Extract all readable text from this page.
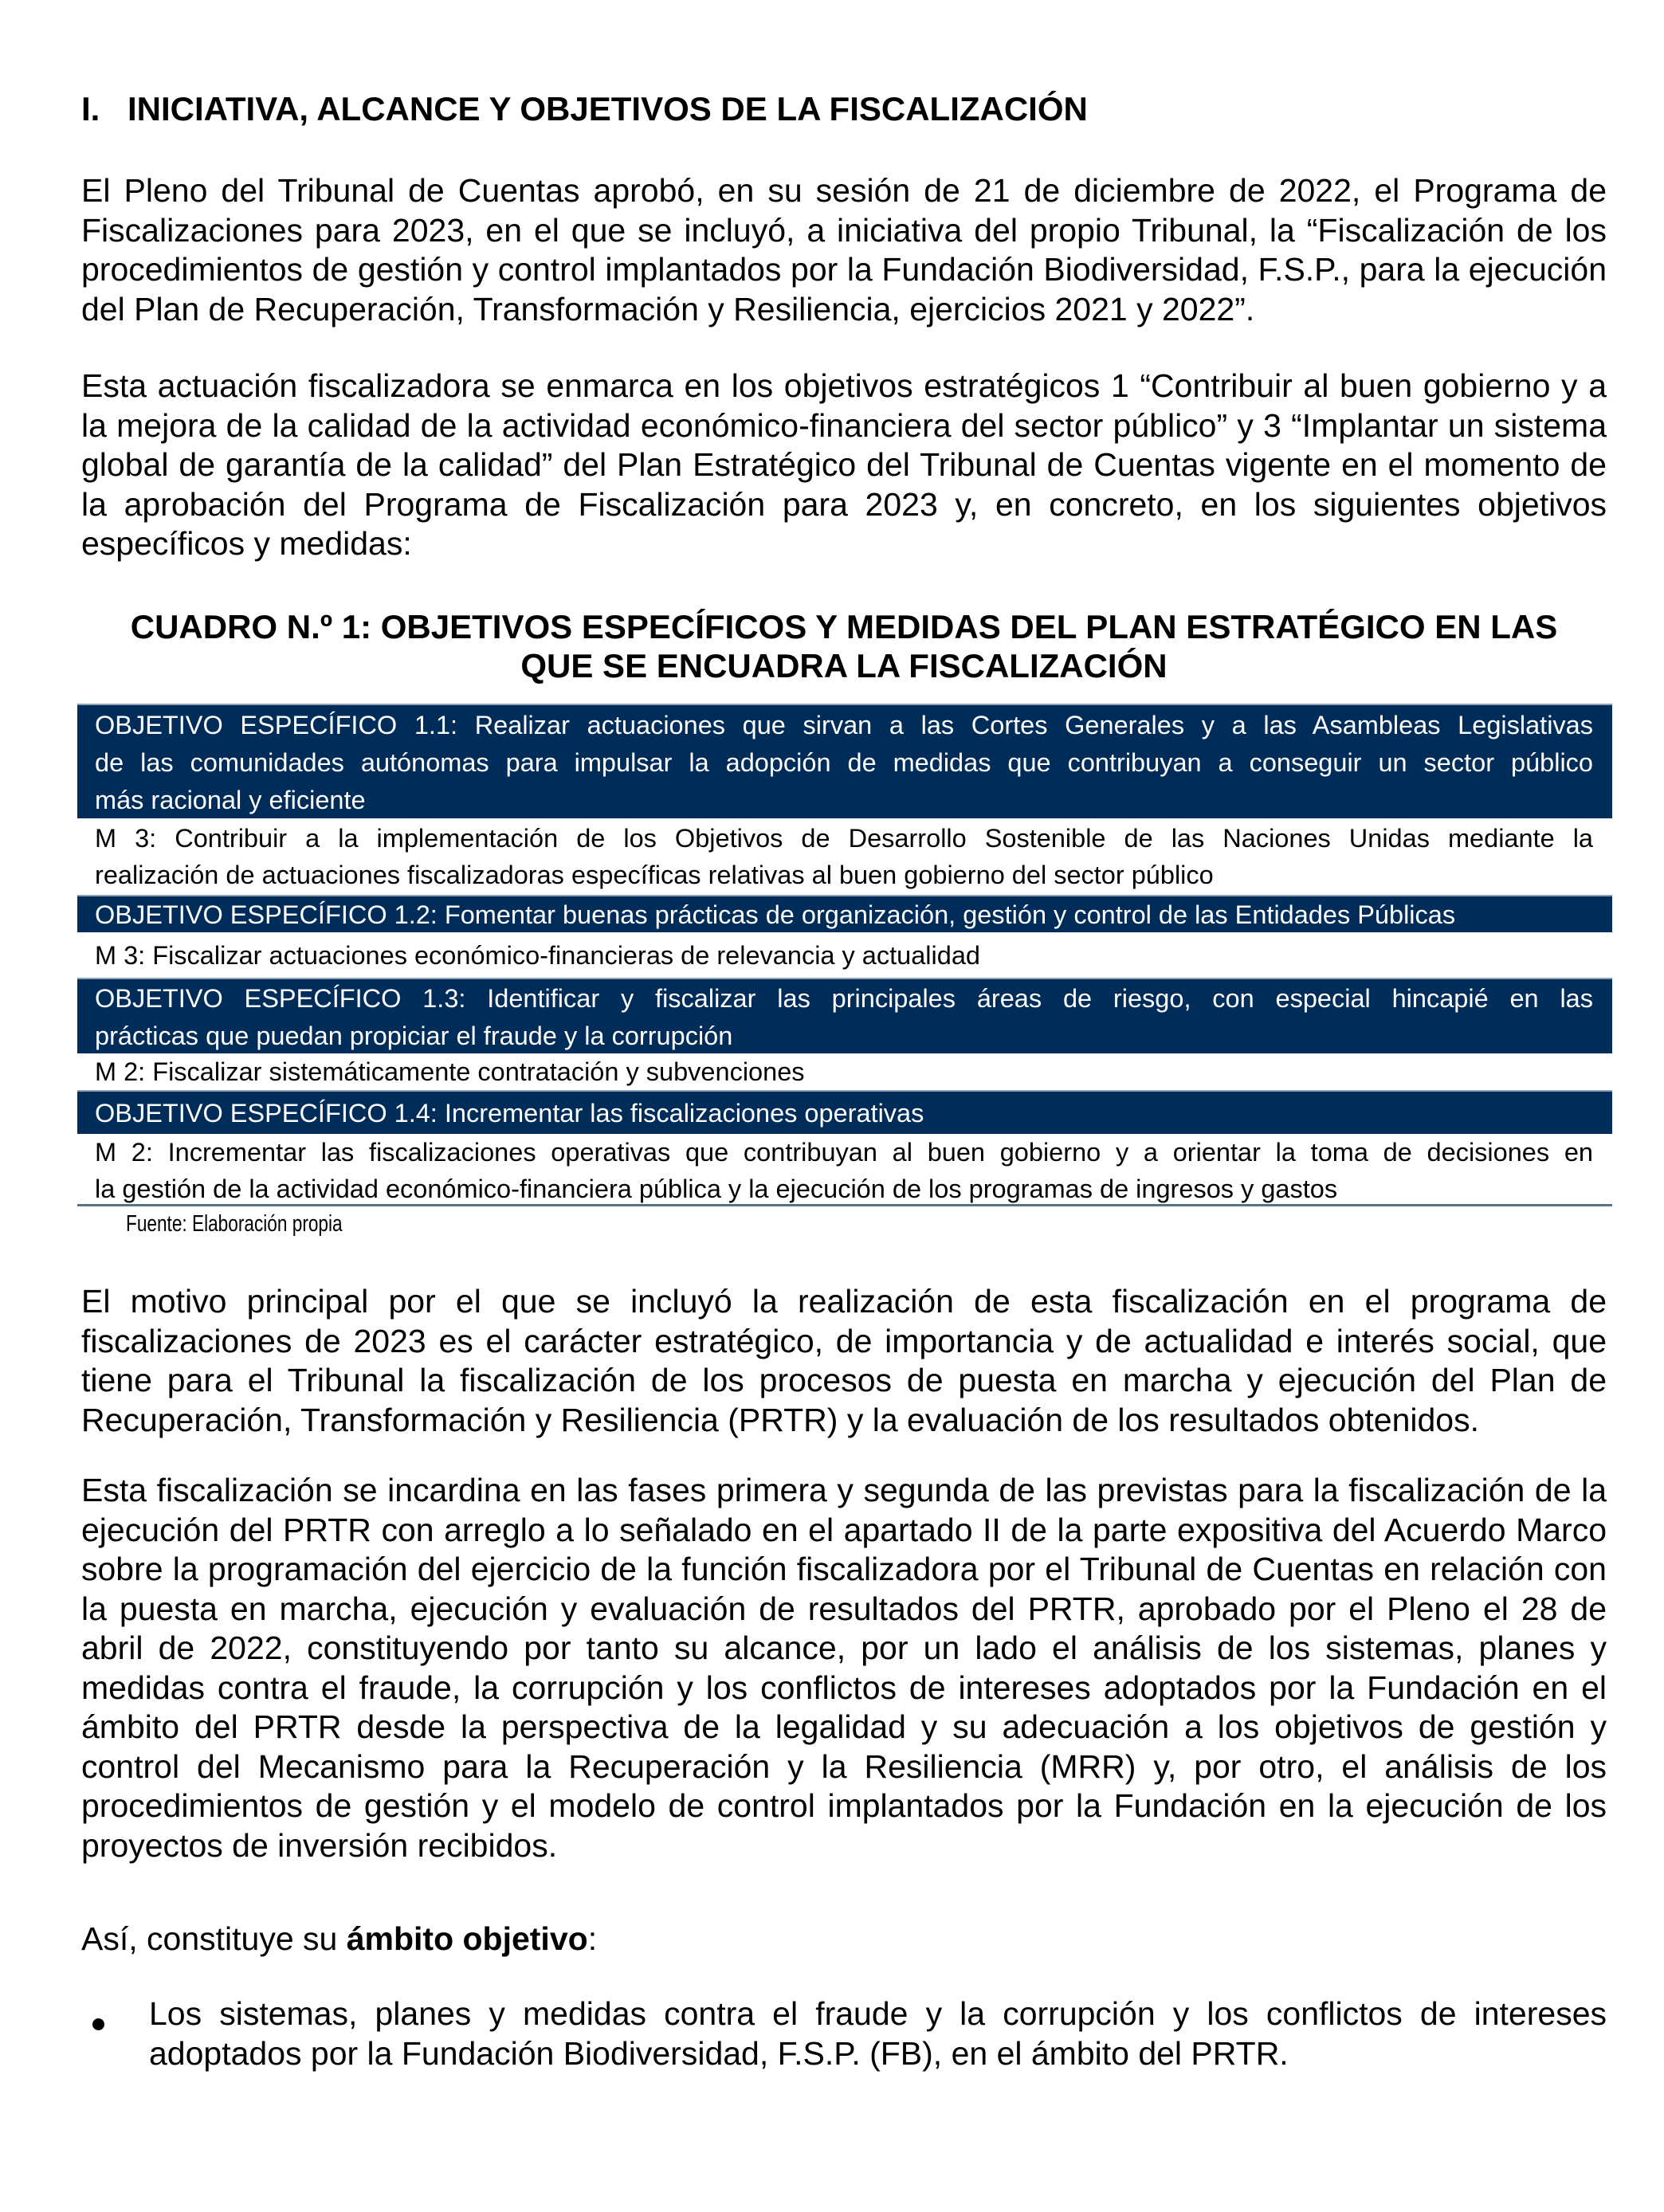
I. INICIATIVA, ALCANCE Y OBJETIVOS DE LA FISCALIZACIÓN

El Pleno del Tribunal de Cuentas aprobó, en su sesión de 21 de diciembre de 2022, el Programa de Fiscalizaciones para 2023, en el que se incluyó, a iniciativa del propio Tribunal, la “Fiscalización de los procedimientos de gestión y control implantados por la Fundación Biodiversidad, F.S.P., para la ejecución del Plan de Recuperación, Transformación y Resiliencia, ejercicios 2021 y 2022”.

Esta actuación fiscalizadora se enmarca en los objetivos estratégicos 1 “Contribuir al buen gobierno y a la mejora de la calidad de la actividad económico-financiera del sector público” y 3 “Implantar un sistema global de garantía de la calidad” del Plan Estratégico del Tribunal de Cuentas vigente en el momento de la aprobación del Programa de Fiscalización para 2023 y, en concreto, en los siguientes objetivos específicos y medidas:

CUADRO N.º 1: OBJETIVOS ESPECÍFICOS Y MEDIDAS DEL PLAN ESTRATÉGICO EN LAS
QUE SE ENCUADRA LA FISCALIZACIÓN
OBJETIVO ESPECÍFICO 1.1: Realizar actuaciones que sirvan a las Cortes Generales y a las Asambleas Legislativas
de las comunidades autónomas para impulsar la adopción de medidas que contribuyan a conseguir un sector público
más racional y eficiente
M 3: Contribuir a la implementación de los Objetivos de Desarrollo Sostenible de las Naciones Unidas mediante la
realización de actuaciones fiscalizadoras específicas relativas al buen gobierno del sector público
OBJETIVO ESPECÍFICO 1.2: Fomentar buenas prácticas de organización, gestión y control de las Entidades Públicas
M 3: Fiscalizar actuaciones económico-financieras de relevancia y actualidad
OBJETIVO ESPECÍFICO 1.3: Identificar y fiscalizar las principales áreas de riesgo, con especial hincapié en las
prácticas que puedan propiciar el fraude y la corrupción
M 2: Fiscalizar sistemáticamente contratación y subvenciones
OBJETIVO ESPECÍFICO 1.4: Incrementar las fiscalizaciones operativas
M 2: Incrementar las fiscalizaciones operativas que contribuyan al buen gobierno y a orientar la toma de decisiones en
la gestión de la actividad económico-financiera pública y la ejecución de los programas de ingresos y gastos
Fuente: Elaboración propia

El motivo principal por el que se incluyó la realización de esta fiscalización en el programa de fiscalizaciones de 2023 es el carácter estratégico, de importancia y de actualidad e interés social, que tiene para el Tribunal la fiscalización de los procesos de puesta en marcha y ejecución del Plan de Recuperación, Transformación y Resiliencia (PRTR) y la evaluación de los resultados obtenidos.

Esta fiscalización se incardina en las fases primera y segunda de las previstas para la fiscalización de la ejecución del PRTR con arreglo a lo señalado en el apartado II de la parte expositiva del Acuerdo Marco sobre la programación del ejercicio de la función fiscalizadora por el Tribunal de Cuentas en relación con la puesta en marcha, ejecución y evaluación de resultados del PRTR, aprobado por el Pleno el 28 de abril de 2022, constituyendo por tanto su alcance, por un lado el análisis de los sistemas, planes y medidas contra el fraude, la corrupción y los conflictos de intereses adoptados por la Fundación en el ámbito del PRTR desde la perspectiva de la legalidad y su adecuación a los objetivos de gestión y control del Mecanismo para la Recuperación y la Resiliencia (MRR) y, por otro, el análisis de los procedimientos de gestión y el modelo de control implantados por la Fundación en la ejecución de los proyectos de inversión recibidos.

Así, constituye su ámbito objetivo:

Los sistemas, planes y medidas contra el fraude y la corrupción y los conflictos de intereses adoptados por la Fundación Biodiversidad, F.S.P. (FB), en el ámbito del PRTR.
